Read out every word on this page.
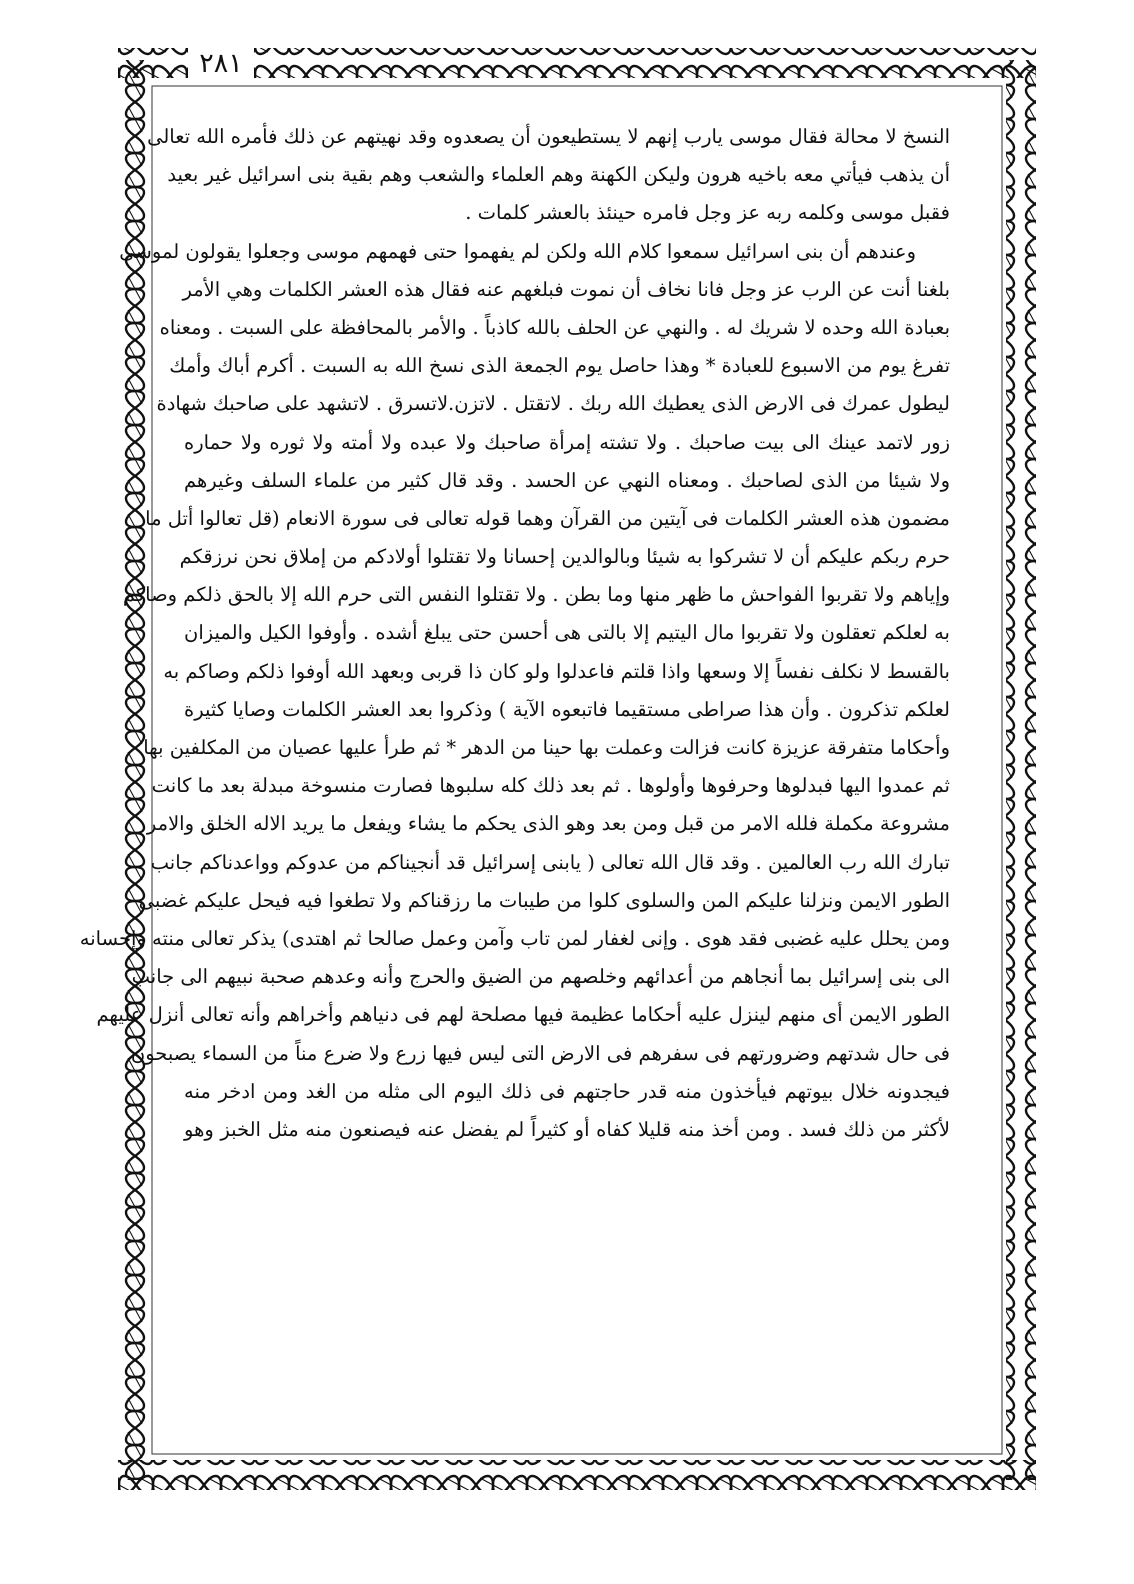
٢٨١
النسخ لا محالة فقال موسى يارب إنهم لا يستطيعون أن يصعدوه وقد نهيتهم عن ذلك فأمره الله تعالى
أن يذهب فيأتي معه باخيه هرون وليكن الكهنة وهم العلماء والشعب وهم بقية بنى اسرائيل غير بعيد
فقبل موسى وكلمه ربه عز وجل فامره حينئذ بالعشر كلمات .
وعندهم أن بنى اسرائيل سمعوا كلام الله ولكن لم يفهموا حتى فهمهم موسى وجعلوا يقولون لموسى
بلغنا أنت عن الرب عز وجل فانا نخاف أن نموت فبلغهم عنه فقال هذه العشر الكلمات وهي الأمر
بعبادة الله وحده لا شريك له . والنهي عن الحلف بالله كاذباً . والأمر بالمحافظة على السبت . ومعناه
تفرغ يوم من الاسبوع للعبادة * وهذا حاصل يوم الجمعة الذى نسخ الله به السبت . أكرم أباك وأمك
ليطول عمرك فى الارض الذى يعطيك الله ربك . لاتقتل . لاتزن.لاتسرق . لاتشهد على صاحبك شهادة
زور لاتمد عينك الى بيت صاحبك . ولا تشته إمرأة صاحبك ولا عبده ولا أمته ولا ثوره ولا حماره
ولا شيئا من الذى لصاحبك . ومعناه النهي عن الحسد . وقد قال كثير من علماء السلف وغيرهم
مضمون هذه العشر الكلمات فى آيتين من القرآن وهما قوله تعالى فى سورة الانعام (قل تعالوا أتل ما
حرم ربكم عليكم أن لا تشركوا به شيئا وبالوالدين إحسانا ولا تقتلوا أولادكم من إملاق نحن نرزقكم
وإياهم ولا تقربوا الفواحش ما ظهر منها وما بطن . ولا تقتلوا النفس التى حرم الله إلا بالحق ذلكم وصاكم
به لعلكم تعقلون ولا تقربوا مال اليتيم إلا بالتى هى أحسن حتى يبلغ أشده . وأوفوا الكيل والميزان
بالقسط لا نكلف نفساً إلا وسعها واذا قلتم فاعدلوا ولو كان ذا قربى وبعهد الله أوفوا ذلكم وصاكم به
لعلكم تذكرون . وأن هذا صراطى مستقيما فاتبعوه الآية ) وذكروا بعد العشر الكلمات وصايا كثيرة
وأحكاما متفرقة عزيزة كانت فزالت وعملت بها حينا من الدهر * ثم طرأ عليها عصيان من المكلفين بها
ثم عمدوا اليها فبدلوها وحرفوها وأولوها . ثم بعد ذلك كله سلبوها فصارت منسوخة مبدلة بعد ما كانت
مشروعة مكملة فلله الامر من قبل ومن بعد وهو الذى يحكم ما يشاء ويفعل ما يريد الاله الخلق والامر
تبارك الله رب العالمين . وقد قال الله تعالى ( يابنى إسرائيل قد أنجيناكم من عدوكم وواعدناكم جانب
الطور الايمن ونزلنا عليكم المن والسلوى كلوا من طيبات ما رزقناكم ولا تطغوا فيه فيحل عليكم غضبى
ومن يحلل عليه غضبى فقد هوى . وإنى لغفار لمن تاب وآمن وعمل صالحا ثم اهتدى) يذكر تعالى منته وإحسانه
الى بنى إسرائيل بما أنجاهم من أعدائهم وخلصهم من الضيق والحرج وأنه وعدهم صحبة نبيهم الى جانب
الطور الايمن أى منهم لينزل عليه أحكاما عظيمة فيها مصلحة لهم فى دنياهم وأخراهم وأنه تعالى أنزل عليهم
فى حال شدتهم وضرورتهم فى سفرهم فى الارض التى ليس فيها زرع ولا ضرع مناً من السماء يصبحون
فيجدونه خلال بيوتهم فيأخذون منه قدر حاجتهم فى ذلك اليوم الى مثله من الغد ومن ادخر منه
لأكثر من ذلك فسد . ومن أخذ منه قليلا كفاه أو كثيراً لم يفضل عنه فيصنعون منه مثل الخبز وهو
